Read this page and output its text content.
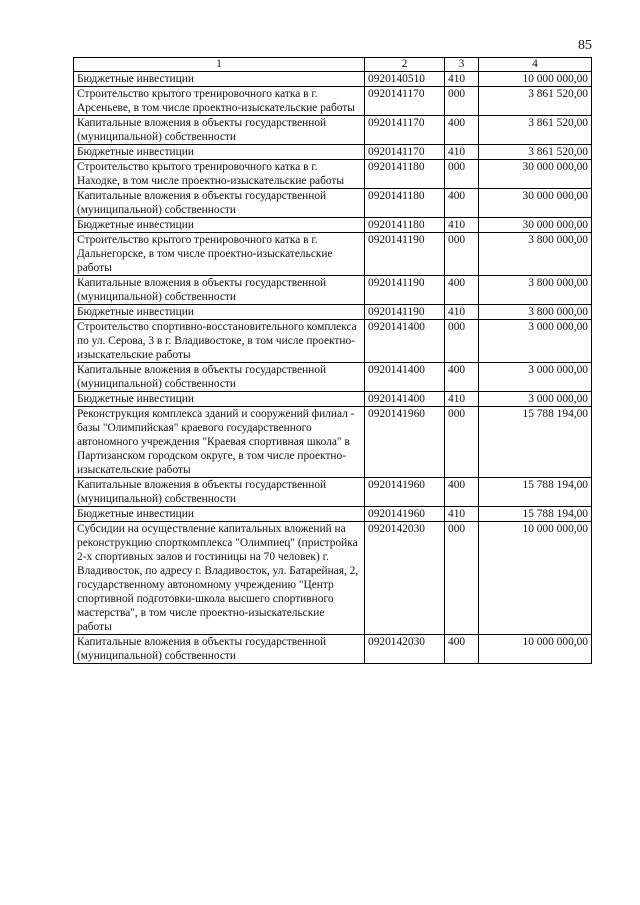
85
1	2	3	4
Бюджетные инвестиции	0920140510	410	10 000 000,00
Строительство крытого тренировочного катка в г. Арсеньеве, в том числе проектно-изыскательские работы	0920141170	000	3 861 520,00
Капитальные вложения в объекты государственной (муниципальной) собственности	0920141170	400	3 861 520,00
Бюджетные инвестиции	0920141170	410	3 861 520,00
Строительство крытого тренировочного катка в г. Находке, в том числе проектно-изыскательские работы	0920141180	000	30 000 000,00
Капитальные вложения в объекты государственной (муниципальной) собственности	0920141180	400	30 000 000,00
Бюджетные инвестиции	0920141180	410	30 000 000,00
Строительство крытого тренировочного катка в г. Дальнегорске, в том числе проектно-изыскательские работы	0920141190	000	3 800 000,00
Капитальные вложения в объекты государственной (муниципальной) собственности	0920141190	400	3 800 000,00
Бюджетные инвестиции	0920141190	410	3 800 000,00
Строительство спортивно-восстановительного комплекса по ул. Серова, 3 в г. Владивостоке, в том числе проектно-изыскательские работы	0920141400	000	3 000 000,00
Капитальные вложения в объекты государственной (муниципальной) собственности	0920141400	400	3 000 000,00
Бюджетные инвестиции	0920141400	410	3 000 000,00
Реконструкция комплекса зданий и сооружений филиал - базы "Олимпийская" краевого государственного автономного учреждения "Краевая спортивная школа" в Партизанском городском округе, в том числе проектно-изыскательские работы	0920141960	000	15 788 194,00
Капитальные вложения в объекты государственной (муниципальной) собственности	0920141960	400	15 788 194,00
Бюджетные инвестиции	0920141960	410	15 788 194,00
Субсидии на осуществление капитальных вложений на реконструкцию спорткомплекса "Олимпиец" (пристройка 2-х спортивных залов и гостиницы на 70 человек) г. Владивосток, по адресу г. Владивосток, ул. Батарейная, 2, государственному автономному учреждению "Центр спортивной подготовки-школа высшего спортивного мастерства", в том числе проектно-изыскательские работы	0920142030	000	10 000 000,00
Капитальные вложения в объекты государственной (муниципальной) собственности	0920142030	400	10 000 000,00
